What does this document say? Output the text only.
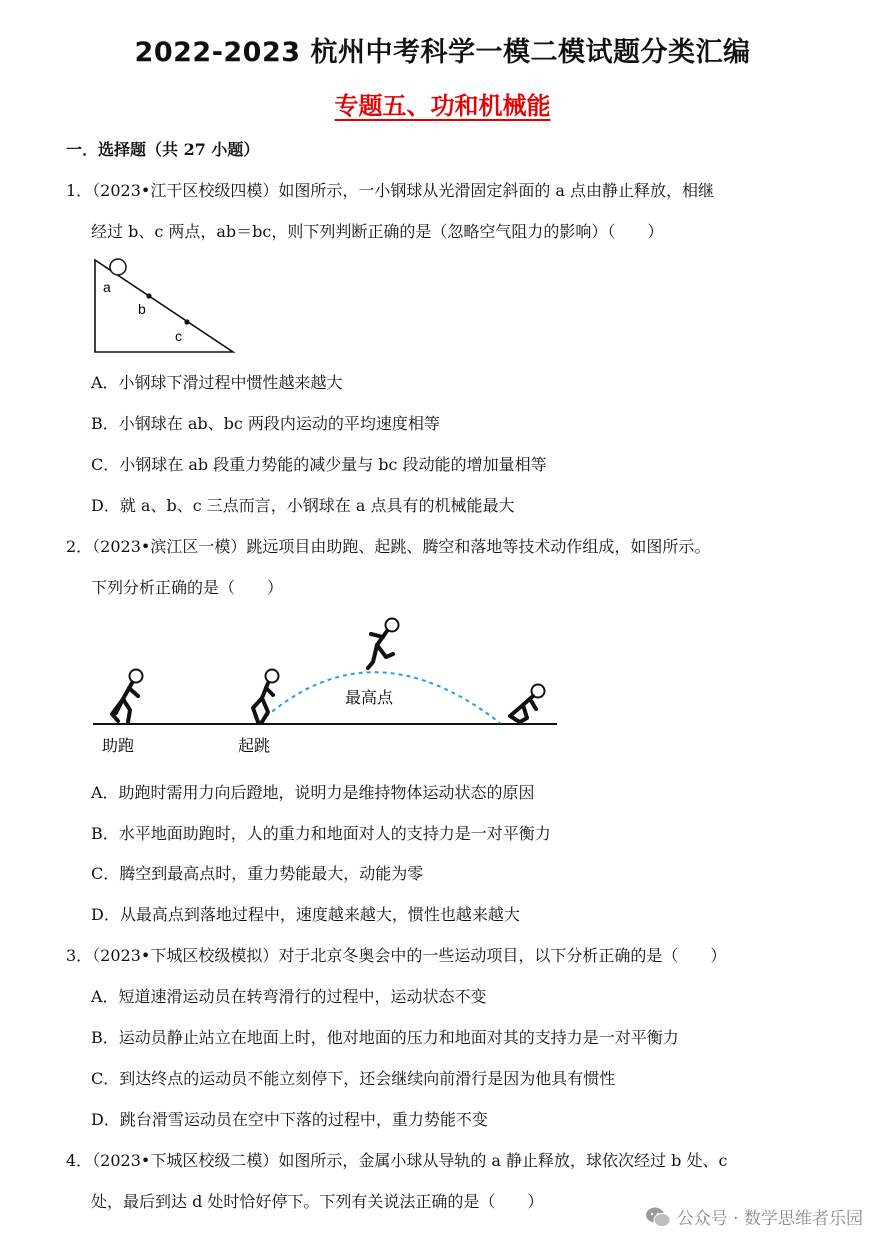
2022-2023 杭州中考科学一模二模试题分类汇编
专题五、功和机械能
一．选择题（共 27 小题）
1．（2023•江干区校级四模）如图所示，一小钢球从光滑固定斜面的 a 点由静止释放，相继
经过 b、c 两点，ab＝bc，则下列判断正确的是（忽略空气阻力的影响）（　　）
a
b
c
A．小钢球下滑过程中惯性越来越大
B．小钢球在 ab、bc 两段内运动的平均速度相等
C．小钢球在 ab 段重力势能的减少量与 bc 段动能的增加量相等
D．就 a、b、c 三点而言，小钢球在 a 点具有的机械能最大
2．（2023•滨江区一模）跳远项目由助跑、起跳、腾空和落地等技术动作组成，如图所示。
下列分析正确的是（　　）
最高点
助跑	起跳
A．助跑时需用力向后蹬地，说明力是维持物体运动状态的原因
B．水平地面助跑时，人的重力和地面对人的支持力是一对平衡力
C．腾空到最高点时，重力势能最大，动能为零
D．从最高点到落地过程中，速度越来越大，惯性也越来越大
3．（2023•下城区校级模拟）对于北京冬奥会中的一些运动项目，以下分析正确的是（　　）
A．短道速滑运动员在转弯滑行的过程中，运动状态不变
B．运动员静止站立在地面上时，他对地面的压力和地面对其的支持力是一对平衡力
C．到达终点的运动员不能立刻停下，还会继续向前滑行是因为他具有惯性
D．跳台滑雪运动员在空中下落的过程中，重力势能不变
4．（2023•下城区校级二模）如图所示，金属小球从导轨的 a 静止释放，球依次经过 b 处、c
处，最后到达 d 处时恰好停下。下列有关说法正确的是（　　）
公众号 · 数学思维者乐园
